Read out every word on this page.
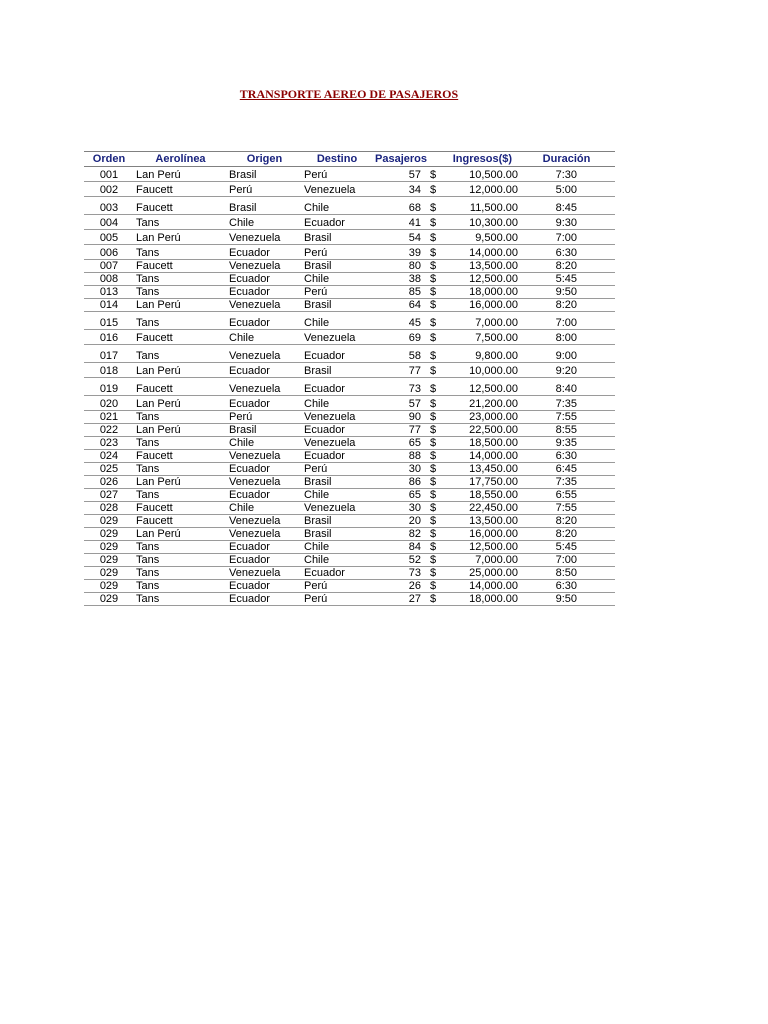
TRANSPORTE AEREO DE PASAJEROS
Orden	Aerolínea	Origen	Destino	Pasajeros	Ingresos($)		Duración
001	Lan Perú	Brasil	Perú	57	$	10,500.00	7:30
002	Faucett	Perú	Venezuela	34	$	12,000.00	5:00
003	Faucett	Brasil	Chile	68	$	11,500.00	8:45
004	Tans	Chile	Ecuador	41	$	10,300.00	9:30
005	Lan Perú	Venezuela	Brasil	54	$	9,500.00	7:00
006	Tans	Ecuador	Perú	39	$	14,000.00	6:30
007	Faucett	Venezuela	Brasil	80	$	13,500.00	8:20
008	Tans	Ecuador	Chile	38	$	12,500.00	5:45
013	Tans	Ecuador	Perú	85	$	18,000.00	9:50
014	Lan Perú	Venezuela	Brasil	64	$	16,000.00	8:20
015	Tans	Ecuador	Chile	45	$	7,000.00	7:00
016	Faucett	Chile	Venezuela	69	$	7,500.00	8:00
017	Tans	Venezuela	Ecuador	58	$	9,800.00	9:00
018	Lan Perú	Ecuador	Brasil	77	$	10,000.00	9:20
019	Faucett	Venezuela	Ecuador	73	$	12,500.00	8:40
020	Lan Perú	Ecuador	Chile	57	$	21,200.00	7:35
021	Tans	Perú	Venezuela	90	$	23,000.00	7:55
022	Lan Perú	Brasil	Ecuador	77	$	22,500.00	8:55
023	Tans	Chile	Venezuela	65	$	18,500.00	9:35
024	Faucett	Venezuela	Ecuador	88	$	14,000.00	6:30
025	Tans	Ecuador	Perú	30	$	13,450.00	6:45
026	Lan Perú	Venezuela	Brasil	86	$	17,750.00	7:35
027	Tans	Ecuador	Chile	65	$	18,550.00	6:55
028	Faucett	Chile	Venezuela	30	$	22,450.00	7:55
029	Faucett	Venezuela	Brasil	20	$	13,500.00	8:20
029	Lan Perú	Venezuela	Brasil	82	$	16,000.00	8:20
029	Tans	Ecuador	Chile	84	$	12,500.00	5:45
029	Tans	Ecuador	Chile	52	$	7,000.00	7:00
029	Tans	Venezuela	Ecuador	73	$	25,000.00	8:50
029	Tans	Ecuador	Perú	26	$	14,000.00	6:30
029	Tans	Ecuador	Perú	27	$	18,000.00	9:50
